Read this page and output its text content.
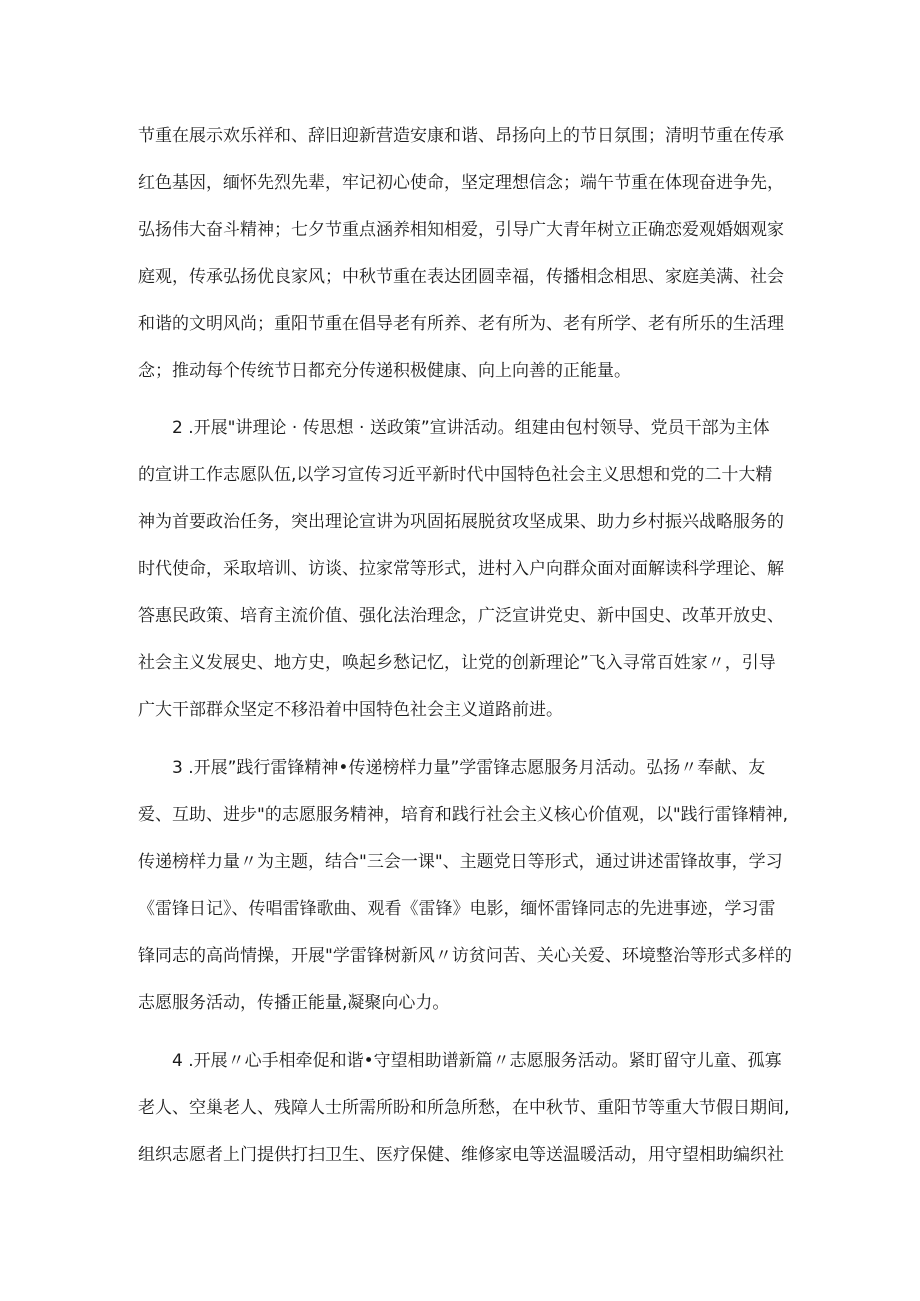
节重在展示欢乐祥和、辞旧迎新营造安康和谐、昂扬向上的节日氛围；清明节重在传承
红色基因，缅怀先烈先辈，牢记初心使命，坚定理想信念；端午节重在体现奋进争先，
弘扬伟大奋斗精神；七夕节重点涵养相知相爱，引导广大青年树立正确恋爱观婚姻观家
庭观，传承弘扬优良家风；中秋节重在表达团圆幸福，传播相念相思、家庭美满、社会
和谐的文明风尚；重阳节重在倡导老有所养、老有所为、老有所学、老有所乐的生活理
念；推动每个传统节日都充分传递积极健康、向上向善的正能量。
2 .开展"讲理论 · 传思想 · 送政策”宣讲活动。组建由包村领导、党员干部为主体
的宣讲工作志愿队伍,以学习宣传习近平新时代中国特色社会主义思想和党的二十大精
神为首要政治任务，突出理论宣讲为巩固拓展脱贫攻坚成果、助力乡村振兴战略服务的
时代使命，采取培训、访谈、拉家常等形式，进村入户向群众面对面解读科学理论、解
答惠民政策、培育主流价值、强化法治理念，广泛宣讲党史、新中国史、改革开放史、
社会主义发展史、地方史，唤起乡愁记忆，让党的创新理论”飞入寻常百姓家〃，引导
广大干部群众坚定不移沿着中国特色社会主义道路前进。
3 .开展”践行雷锋精神•传递榜样力量”学雷锋志愿服务月活动。弘扬〃奉献、友
爱、互助、进步"的志愿服务精神，培育和践行社会主义核心价值观，以"践行雷锋精神,
传递榜样力量〃为主题，结合"三会一课"、主题党日等形式，通过讲述雷锋故事，学习
《雷锋日记》、传唱雷锋歌曲、观看《雷锋》电影，缅怀雷锋同志的先进事迹，学习雷
锋同志的高尚情操，开展"学雷锋树新风〃访贫问苦、关心关爱、环境整治等形式多样的
志愿服务活动，传播正能量,凝聚向心力。
4 .开展〃心手相牵促和谐•守望相助谱新篇〃志愿服务活动。紧盯留守儿童、孤寡
老人、空巢老人、残障人士所需所盼和所急所愁，在中秋节、重阳节等重大节假日期间,
组织志愿者上门提供打扫卫生、医疗保健、维修家电等送温暖活动，用守望相助编织社
